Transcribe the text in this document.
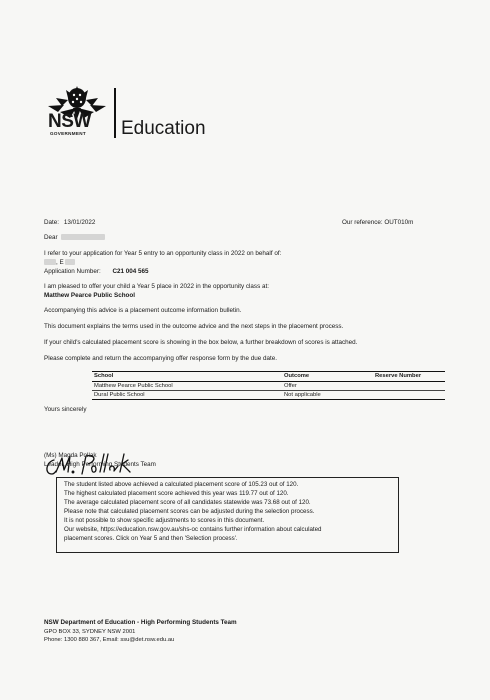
NSW
GOVERNMENT Education
Date: 13/01/2022	Our reference: OUT010m
Dear
I refer to your application for Year 5 entry to an opportunity class in 2022 on behalf of:
, E
Application Number: C21 004 565
I am pleased to offer your child a Year 5 place in 2022 in the opportunity class at:
Matthew Pearce Public School
Accompanying this advice is a placement outcome information bulletin.
This document explains the terms used in the outcome advice and the next steps in the placement process.
If your child's calculated placement score is showing in the box below, a further breakdown of scores is attached.
Please complete and return the accompanying offer response form by the due date.
School	Outcome	Reserve Number
Matthew Pearce Public School	Offer
Dural Public School	Not applicable
Yours sincerely
(Ms) Magda Pollak
Leader, High Performing Students Team
The student listed above achieved a calculated placement score of 105.23 out of 120.
The highest calculated placement score achieved this year was 119.77 out of 120.
The average calculated placement score of all candidates statewide was 73.68 out of 120.
Please note that calculated placement scores can be adjusted during the selection process.
It is not possible to show specific adjustments to scores in this document.
Our website, https://education.nsw.gov.au/shs-oc contains further information about calculated
placement scores. Click on Year 5 and then 'Selection process'.
NSW Department of Education - High Performing Students Team
GPO BOX 33, SYDNEY NSW 2001
Phone: 1300 880 367, Email: ssu@det.nsw.edu.au
